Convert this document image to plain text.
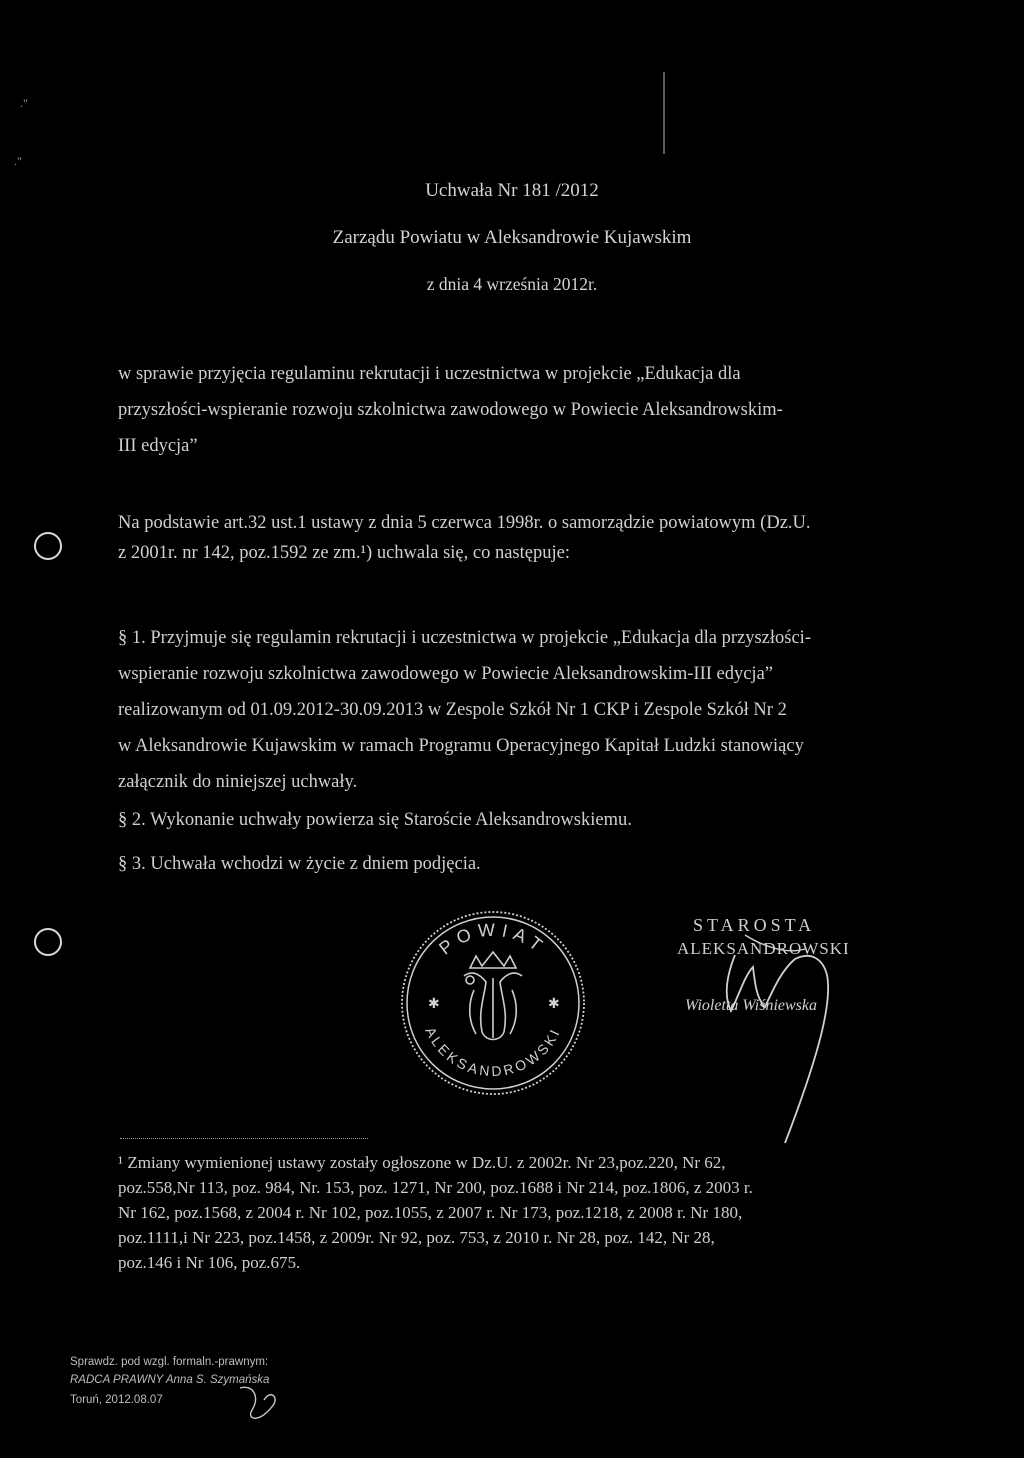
."
."
Uchwała Nr 181 /2012
Zarządu Powiatu w Aleksandrowie Kujawskim
z dnia 4 września 2012r.
w sprawie przyjęcia regulaminu rekrutacji i uczestnictwa w projekcie „Edukacja dla
przyszłości-wspieranie rozwoju szkolnictwa zawodowego w Powiecie Aleksandrowskim-
III edycja”
Na podstawie art.32 ust.1 ustawy z dnia 5 czerwca 1998r. o samorządzie powiatowym (Dz.U.
z 2001r. nr 142, poz.1592 ze zm.¹) uchwala się, co następuje:
§ 1. Przyjmuje się regulamin rekrutacji i uczestnictwa w projekcie „Edukacja dla przyszłości-
wspieranie rozwoju szkolnictwa zawodowego w Powiecie Aleksandrowskim-III edycja”
realizowanym od 01.09.2012-30.09.2013 w Zespole Szkół Nr 1 CKP i Zespole Szkół Nr 2
w Aleksandrowie Kujawskim w ramach Programu Operacyjnego Kapitał Ludzki stanowiący
załącznik do niniejszej uchwały.
§ 2. Wykonanie uchwały powierza się Staroście Aleksandrowskiemu.
§ 3. Uchwała wchodzi w życie z dniem podjęcia.
POWIAT
ALEKSANDROWSKI
✱	✱
STAROSTA
ALEKSANDROWSKI
Wioletta Wiśniewska
¹ Zmiany wymienionej ustawy zostały ogłoszone w Dz.U. z 2002r. Nr 23,poz.220, Nr 62,
poz.558,Nr 113, poz. 984, Nr. 153, poz. 1271, Nr 200, poz.1688 i Nr 214, poz.1806, z 2003 r.
Nr 162, poz.1568, z 2004 r. Nr 102, poz.1055, z 2007 r. Nr 173, poz.1218, z 2008 r. Nr 180,
poz.1111,i Nr 223, poz.1458, z 2009r. Nr 92, poz. 753, z 2010 r. Nr 28, poz. 142, Nr 28,
poz.146 i Nr 106, poz.675.
Sprawdz. pod wzgl. formaln.-prawnym:
RADCA PRAWNY Anna S. Szymańska
Toruń, 2012.08.07
